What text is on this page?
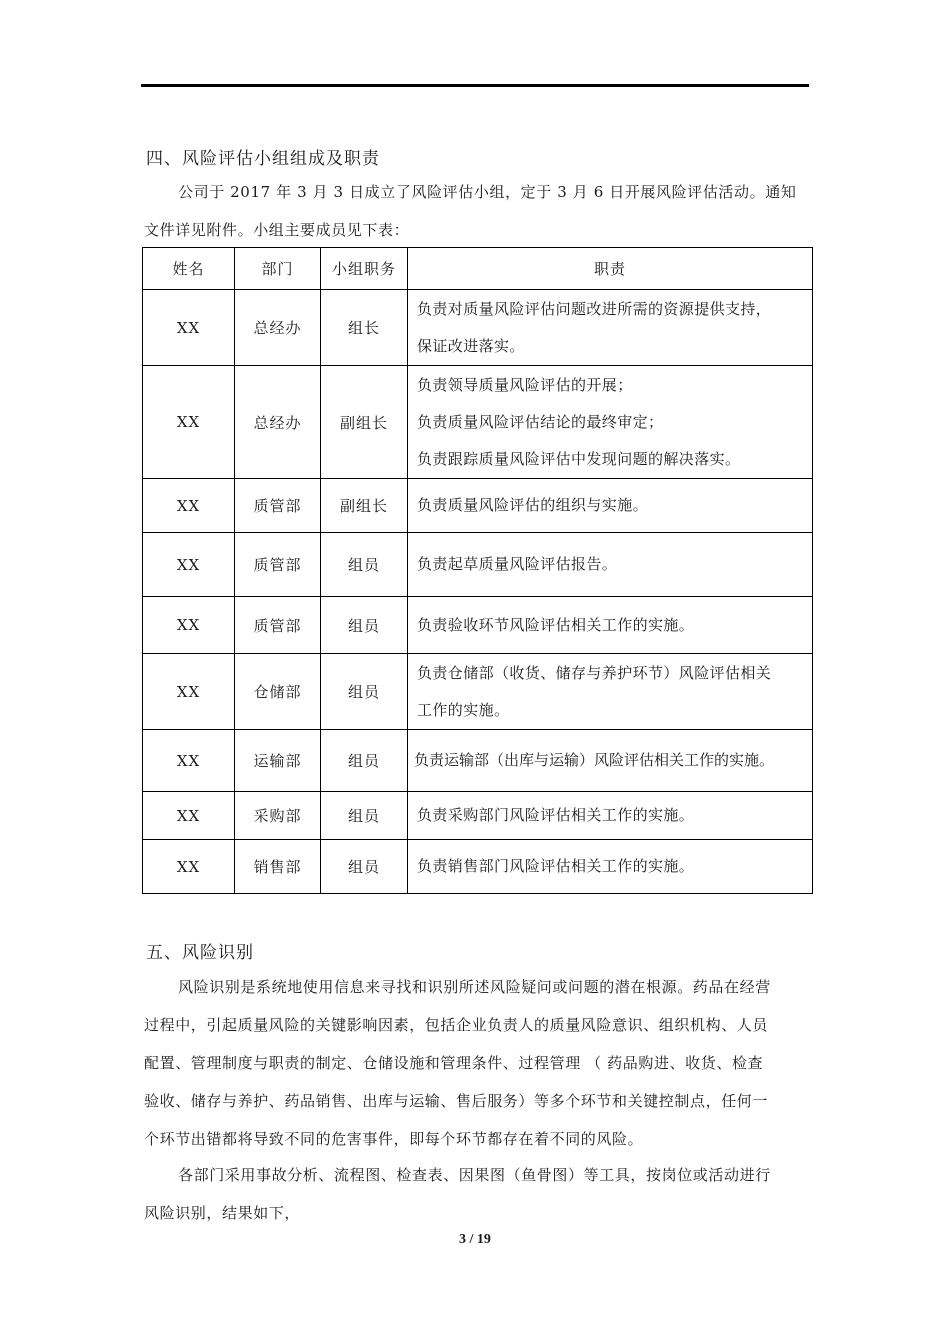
四、风险评估小组组成及职责
公司于 2017 年 3 月 3 日成立了风险评估小组，定于 3 月 6 日开展风险评估活动。通知
文件详见附件。小组主要成员见下表：
姓名	部门	小组职务	职责
XX	总经办	组长	负责对质量风险评估问题改进所需的资源提供支持，
保证改进落实。

XX	总经办	副组长	负责领导质量风险评估的开展；
负责质量风险评估结论的最终审定；
负责跟踪质量风险评估中发现问题的解决落实。

XX	质管部	副组长	负责质量风险评估的组织与实施。

XX	质管部	组员	负责起草质量风险评估报告。

XX	质管部	组员	负责验收环节风险评估相关工作的实施。

XX	仓储部	组员	负责仓储部（收货、储存与养护环节）风险评估相关
工作的实施。

XX	运输部	组员	负责运输部（出库与运输）风险评估相关工作的实施。

XX	采购部	组员	负责采购部门风险评估相关工作的实施。

XX	销售部	组员	负责销售部门风险评估相关工作的实施。
五、风险识别
风险识别是系统地使用信息来寻找和识别所述风险疑问或问题的潜在根源。药品在经营
过程中，引起质量风险的关键影响因素，包括企业负责人的质量风险意识、组织机构、人员
配置、管理制度与职责的制定、仓储设施和管理条件、过程管理 （ 药品购进、收货、检查
验收、储存与养护、药品销售、出库与运输、售后服务）等多个环节和关键控制点，任何一
个环节出错都将导致不同的危害事件，即每个环节都存在着不同的风险。
各部门采用事故分析、流程图、检查表、因果图（鱼骨图）等工具，按岗位或活动进行
风险识别，结果如下，
3 / 19
